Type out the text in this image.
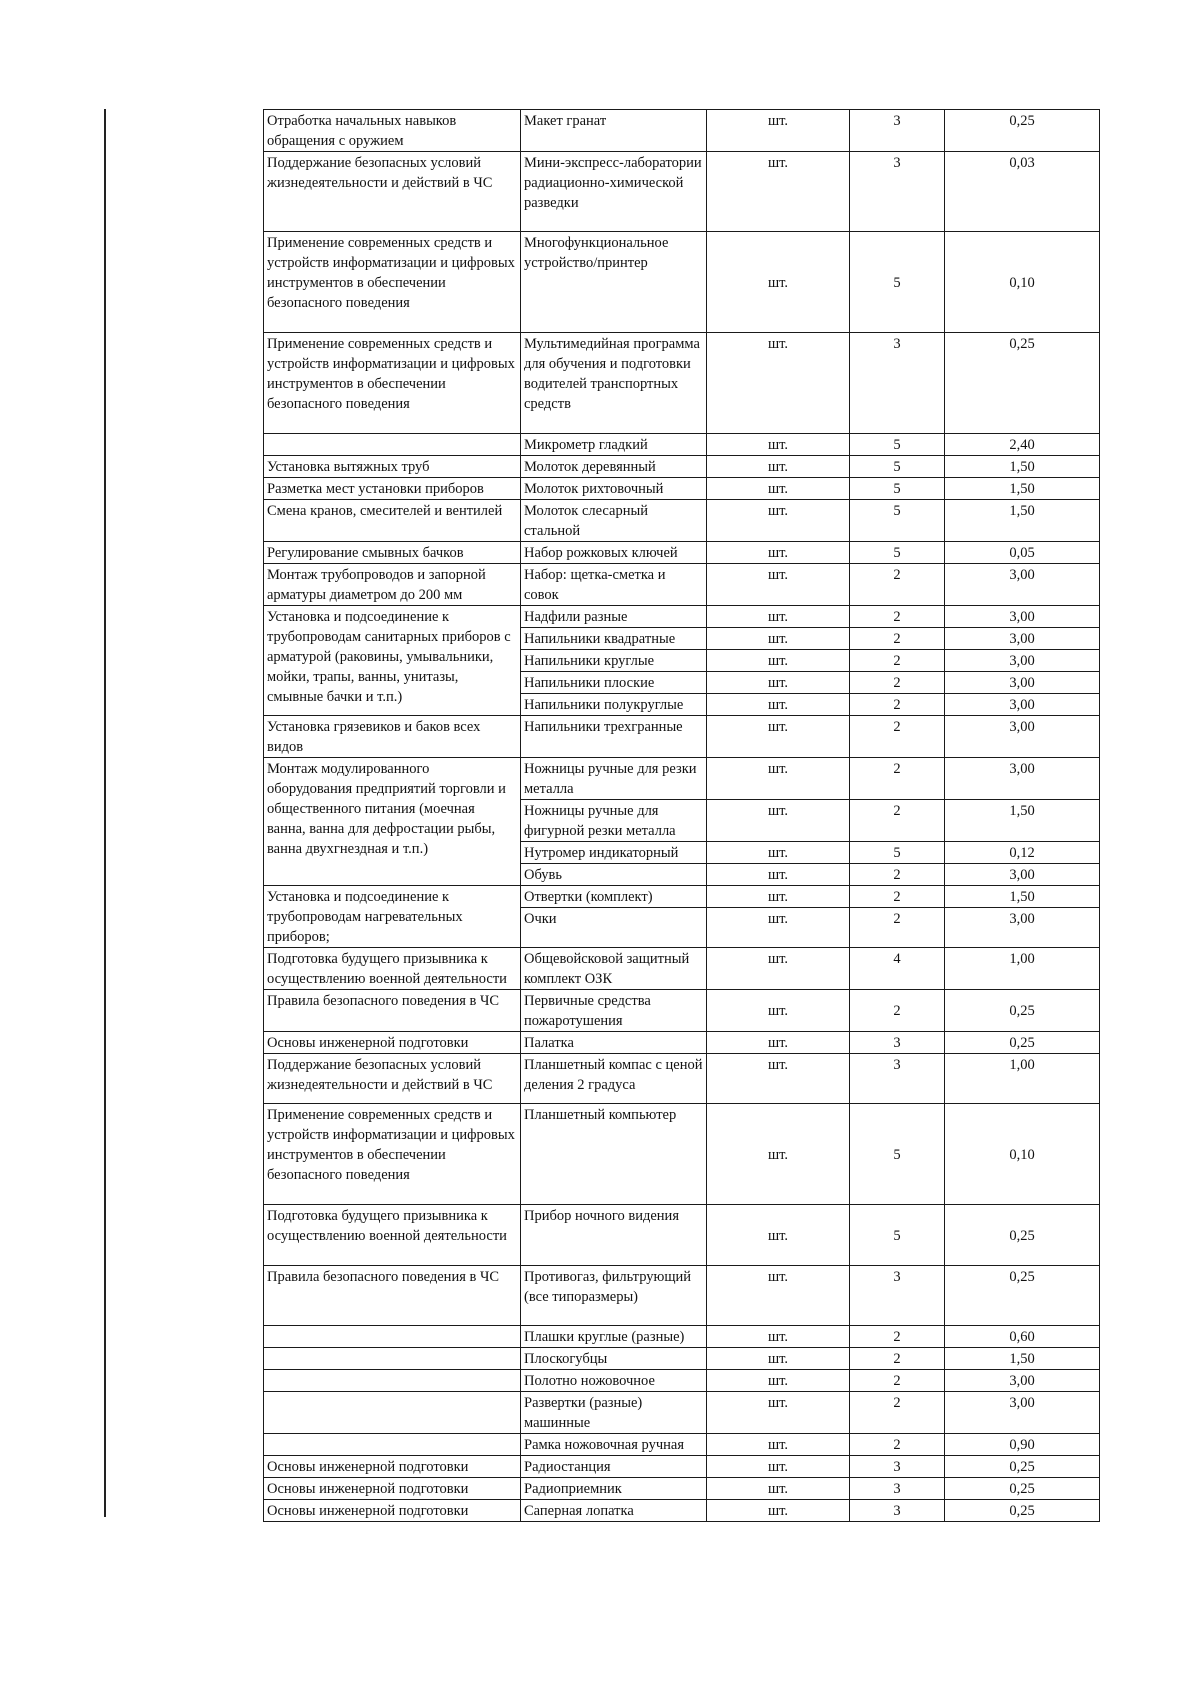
Отработка начальных навыков обращения с оружием	Макет гранат	шт.	3	0,25
Поддержание безопасных условий жизнедеятельности и действий в ЧС	Мини-экспресс-лаборатории радиационно-химической разведки	шт.	3	0,03
Применение современных средств и устройств информатизации и цифровых инструментов в обеспечении безопасного поведения	Многофункциональное устройство/принтер	шт.	5	0,10
Применение современных средств и устройств информатизации и цифровых инструментов в обеспечении безопасного поведения	Мультимедийная программа для обучения и подготовки водителей транспортных средств	шт.	3	0,25
	Микрометр гладкий	шт.	5	2,40
Установка вытяжных труб	Молоток деревянный	шт.	5	1,50
Разметка мест установки приборов	Молоток рихтовочный	шт.	5	1,50
Смена кранов, смесителей и вентилей	Молоток слесарный стальной	шт.	5	1,50
Регулирование смывных бачков	Набор рожковых ключей	шт.	5	0,05
Монтаж трубопроводов и запорной арматуры диаметром до 200 мм	Набор: щетка-сметка и совок	шт.	2	3,00
Установка и подсоединение к трубопроводам санитарных приборов с арматурой (раковины, умывальники, мойки, трапы, ванны, унитазы, смывные бачки и т.п.)	Надфили разные	шт.	2	3,00
	Напильники квадратные	шт.	2	3,00
	Напильники круглые	шт.	2	3,00
	Напильники плоские	шт.	2	3,00
	Напильники полукруглые	шт.	2	3,00
Установка грязевиков и баков всех видов	Напильники трехгранные	шт.	2	3,00
Монтаж модулированного оборудования предприятий торговли и общественного питания (моечная ванна, ванна для дефростации рыбы, ванна двухгнездная и т.п.)	Ножницы ручные для резки металла	шт.	2	3,00
	Ножницы ручные для фигурной резки металла	шт.	2	1,50
	Нутромер индикаторный	шт.	5	0,12
	Обувь	шт.	2	3,00
Установка и подсоединение к трубопроводам нагревательных приборов;	Отвертки (комплект)	шт.	2	1,50
	Очки	шт.	2	3,00
Подготовка будущего призывника к осуществлению военной деятельности	Общевойсковой защитный комплект ОЗК	шт.	4	1,00
Правила безопасного поведения в ЧС	Первичные средства пожаротушения	шт.	2	0,25
Основы инженерной подготовки	Палатка	шт.	3	0,25
Поддержание безопасных условий жизнедеятельности и действий в ЧС	Планшетный компас с ценой деления 2 градуса	шт.	3	1,00
Применение современных средств и устройств информатизации и цифровых инструментов в обеспечении безопасного поведения	Планшетный компьютер	шт.	5	0,10
Подготовка будущего призывника к осуществлению военной деятельности	Прибор ночного видения	шт.	5	0,25
Правила безопасного поведения в ЧС	Противогаз, фильтрующий (все типоразмеры)	шт.	3	0,25
	Плашки круглые (разные)	шт.	2	0,60
	Плоскогубцы	шт.	2	1,50
	Полотно ножовочное	шт.	2	3,00
	Развертки (разные) машинные	шт.	2	3,00
	Рамка ножовочная ручная	шт.	2	0,90
Основы инженерной подготовки	Радиостанция	шт.	3	0,25
Основы инженерной подготовки	Радиоприемник	шт.	3	0,25
Основы инженерной подготовки	Саперная лопатка	шт.	3	0,25
